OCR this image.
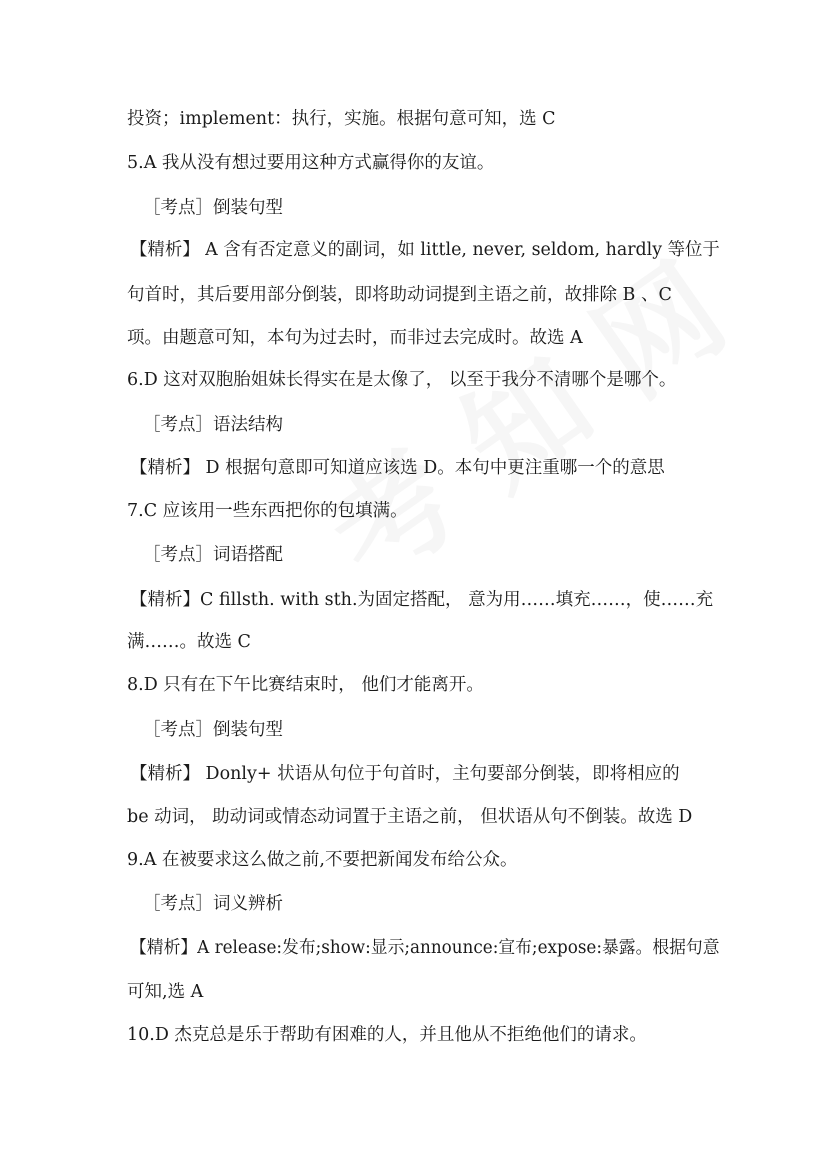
投资；implement：执行，实施。根据句意可知，选 C
5.A 我从没有想过要用这种方式赢得你的友谊。
［考点］倒装句型
【精析】 A 含有否定意义的副词，如 little, never, seldom, hardly 等位于
句首时，其后要用部分倒装，即将助动词提到主语之前，故排除 B 、C
项。由题意可知，本句为过去时，而非过去完成时。故选 A
6.D 这对双胞胎姐妹长得实在是太像了， 以至于我分不清哪个是哪个。
［考点］语法结构
【精析】 D 根据句意即可知道应该选 D。本句中更注重哪一个的意思
7.C 应该用一些东西把你的包填满。
［考点］词语搭配
【精析】C fillsth. with sth.为固定搭配， 意为用……填充……，使……充
满……。故选 C
8.D 只有在下午比赛结束时， 他们才能离开。
［考点］倒装句型
【精析】 Donly+ 状语从句位于句首时，主句要部分倒装，即将相应的
be 动词， 助动词或情态动词置于主语之前， 但状语从句不倒装。故选 D
9.A 在被要求这么做之前,不要把新闻发布给公众。
［考点］词义辨析
【精析】A release:发布;show:显示;announce:宣布;expose:暴露。根据句意
可知,选 A
10.D 杰克总是乐于帮助有困难的人，并且他从不拒绝他们的请求。
